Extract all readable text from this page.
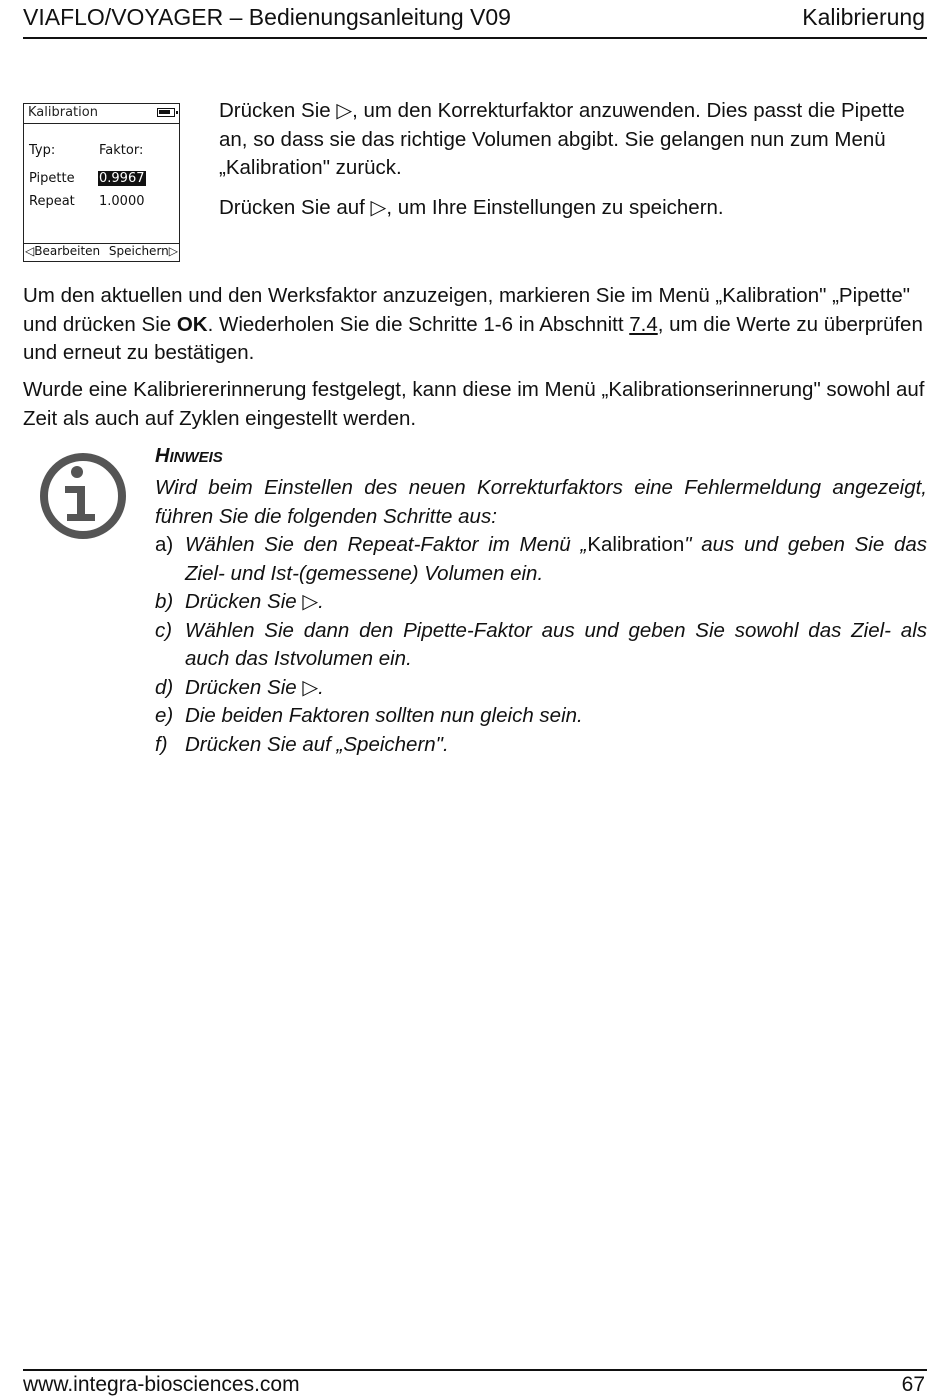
VIAFLO/VOYAGER – Bedienungsanleitung V09	Kalibrierung
Kalibration
Typ:	Faktor:
Pipette 0.9967
Repeat 1.0000
◁Bearbeiten Speichern▷
Drücken Sie ▷, um den Korrekturfaktor anzuwenden. Dies passt die Pipette an, so dass sie das richtige Volumen abgibt. Sie gelangen nun zum Menü „Kalibration" zurück.
Drücken Sie auf ▷, um Ihre Einstellungen zu speichern.
Um den aktuellen und den Werksfaktor anzuzeigen, markieren Sie im Menü „Kalibration" „Pipette" und drücken Sie OK. Wiederholen Sie die Schritte 1-6 in Abschnitt 7.4, um die Werte zu überprüfen und erneut zu bestätigen.
Wurde eine Kalibriererinnerung festgelegt, kann diese im Menü „Kalibrationserinnerung" sowohl auf Zeit als auch auf Zyklen eingestellt werden.
HINWEIS
Wird beim Einstellen des neuen Korrekturfaktors eine Fehlermeldung angezeigt, führen Sie die folgenden Schritte aus:
a) Wählen Sie den Repeat-Faktor im Menü „Kalibration" aus und geben Sie das Ziel- und Ist-(gemessene) Volumen ein.
b) Drücken Sie ▷.
c) Wählen Sie dann den Pipette-Faktor aus und geben Sie sowohl das Ziel- als auch das Istvolumen ein.
d) Drücken Sie ▷.
e) Die beiden Faktoren sollten nun gleich sein.
f) Drücken Sie auf „Speichern".
www.integra-biosciences.com	67
